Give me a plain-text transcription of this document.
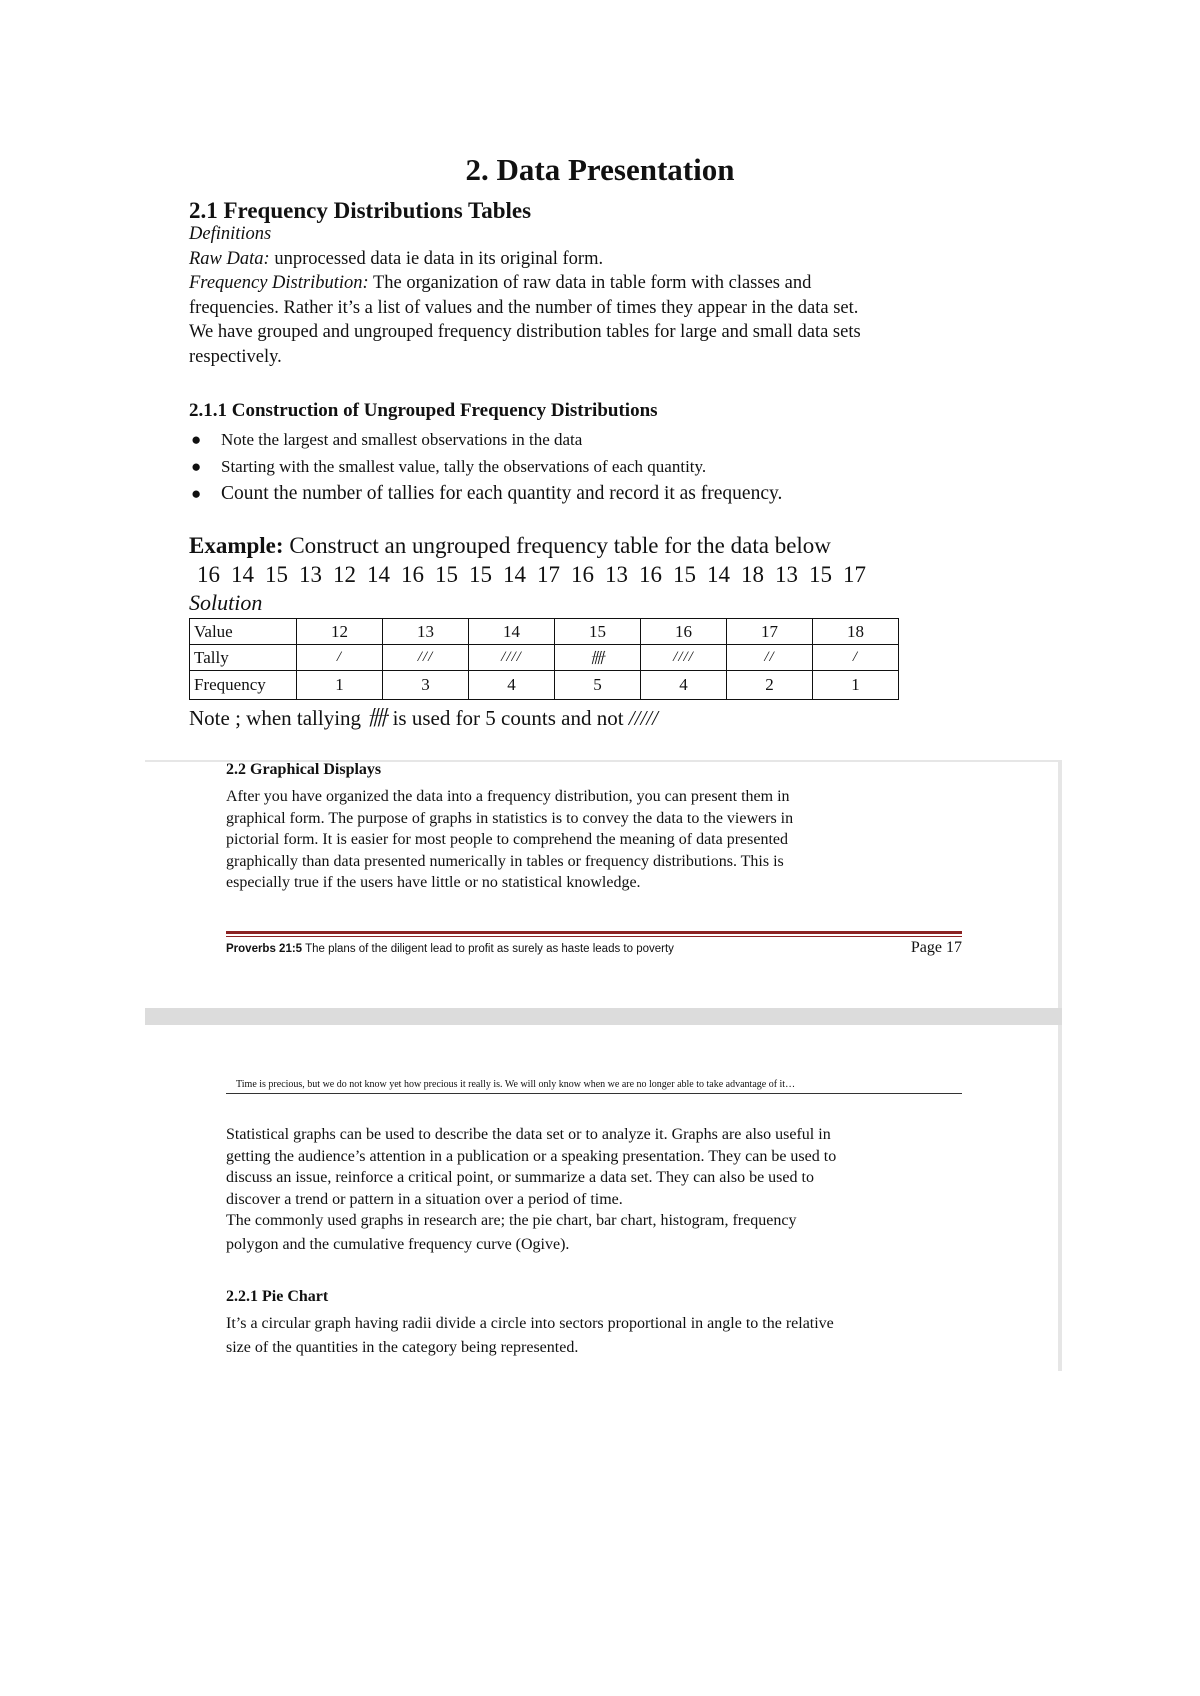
2. Data Presentation
2.1 Frequency Distributions Tables
Definitions
Raw Data: unprocessed data ie data in its original form.
Frequency Distribution: The organization of raw data in table form with classes and
frequencies. Rather it’s a list of values and the number of times they appear in the data set.
We have grouped and ungrouped frequency distribution tables for large and small data sets
respectively.
2.1.1 Construction of Ungrouped Frequency Distributions
● Note the largest and smallest observations in the data
● Starting with the smallest value, tally the observations of each quantity.
● Count the number of tallies for each quantity and record it as frequency.
Example: Construct an ungrouped frequency table for the data below
16 14 15 13 12 14 16 15 15 14 17 16 13 16 15 14 18 13 15 17
Solution
Value	12	13	14	15	16	17	18
Tally	/	///	////	卌	////	//	/
Frequency	1	3	4	5	4	2	1
Note ; when tallying 卌 is used for 5 counts and not /////
2.2 Graphical Displays
After you have organized the data into a frequency distribution, you can present them in
graphical form. The purpose of graphs in statistics is to convey the data to the viewers in
pictorial form. It is easier for most people to comprehend the meaning of data presented
graphically than data presented numerically in tables or frequency distributions. This is
especially true if the users have little or no statistical knowledge.
Proverbs 21:5 The plans of the diligent lead to profit as surely as haste leads to poverty	Page 17
Time is precious, but we do not know yet how precious it really is. We will only know when we are no longer able to take advantage of it…
Statistical graphs can be used to describe the data set or to analyze it. Graphs are also useful in
getting the audience’s attention in a publication or a speaking presentation. They can be used to
discuss an issue, reinforce a critical point, or summarize a data set. They can also be used to
discover a trend or pattern in a situation over a period of time.
The commonly used graphs in research are; the pie chart, bar chart, histogram, frequency
polygon and the cumulative frequency curve (Ogive).
2.2.1 Pie Chart
It’s a circular graph having radii divide a circle into sectors proportional in angle to the relative
size of the quantities in the category being represented.
